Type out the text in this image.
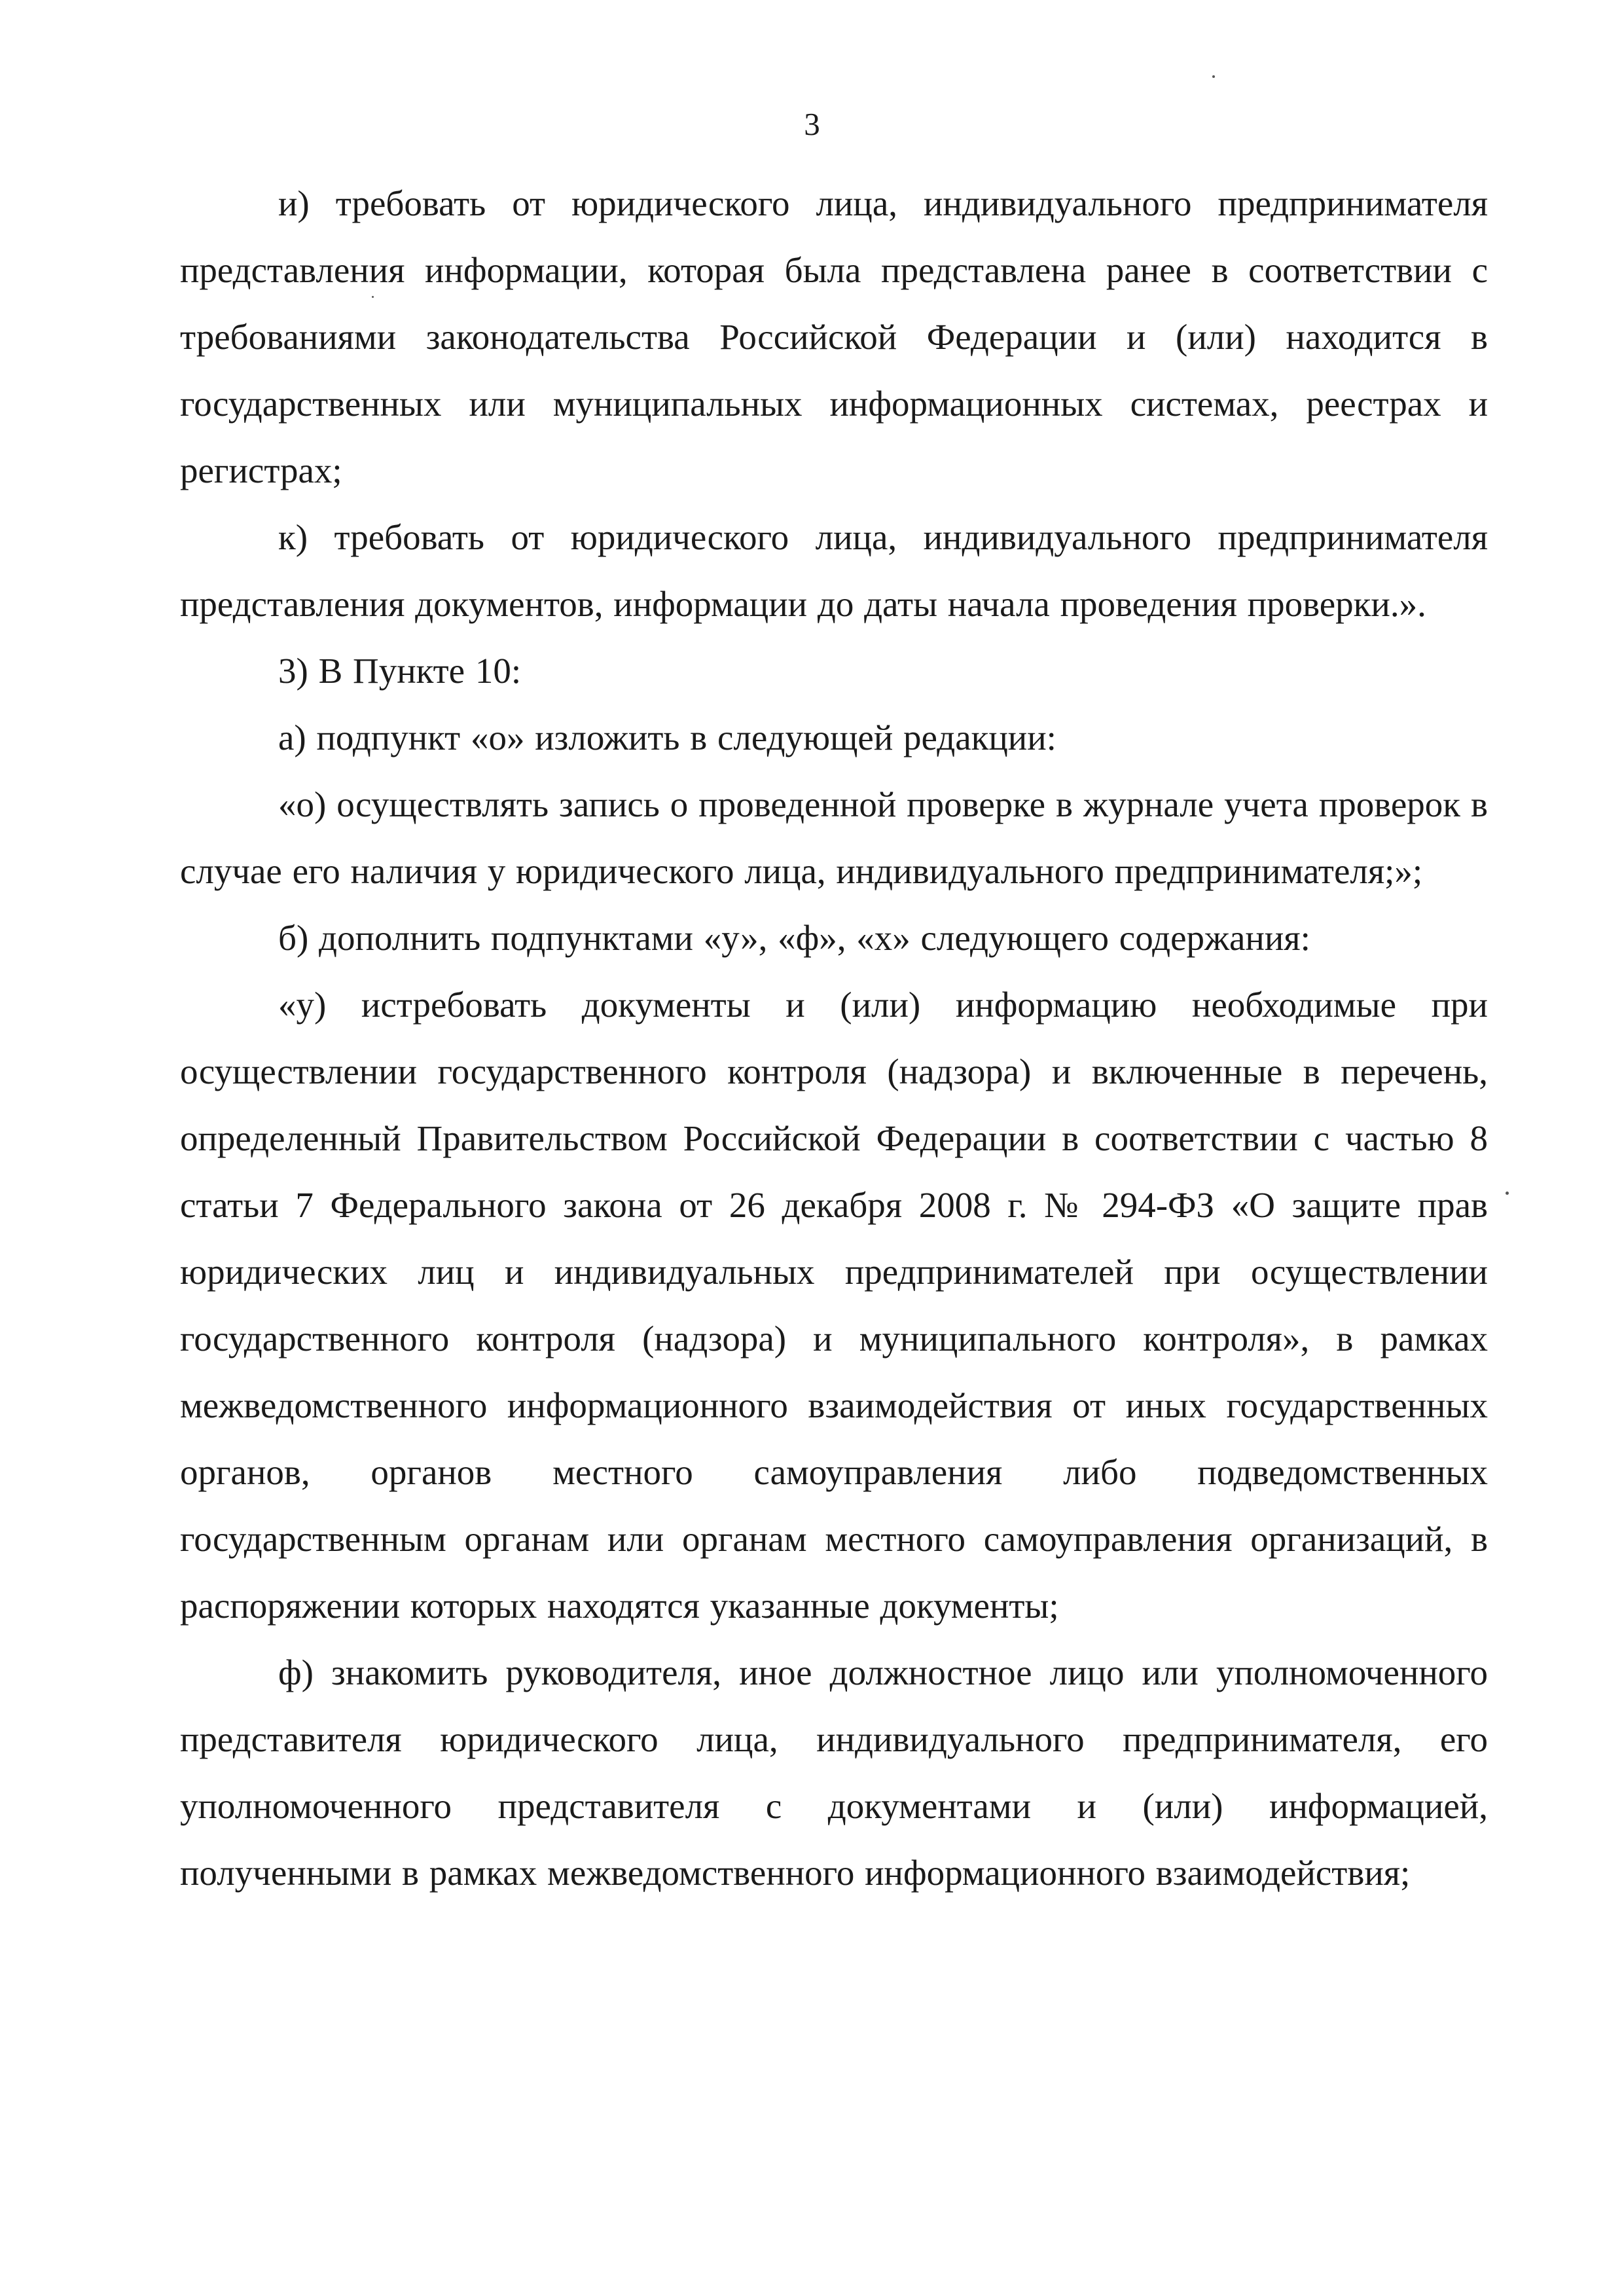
3

и) требовать от юридического лица, индивидуального предпринимателя представления информации, которая была представлена ранее в соответствии с требованиями законодательства Российской Федерации и (или) находится в государственных или муниципальных информационных системах, реестрах и регистрах;

к) требовать от юридического лица, индивидуального предпринимателя представления документов, информации до даты начала проведения проверки.».

3) В Пункте 10:

а) подпункт «о» изложить в следующей редакции:

«о) осуществлять запись о проведенной проверке в журнале учета проверок в случае его наличия у юридического лица, индивидуального предпринимателя;»;

б) дополнить подпунктами «у», «ф», «х» следующего содержания:

«у) истребовать документы и (или) информацию необходимые при осуществлении государственного контроля (надзора) и включенные в перечень, определенный Правительством Российской Федерации в соответствии с частью 8 статьи 7 Федерального закона от 26 декабря 2008 г. № 294-ФЗ «О защите прав юридических лиц и индивидуальных предпринимателей при осуществлении государственного контроля (надзора) и муниципального контроля», в рамках межведомственного информационного взаимодействия от иных государственных органов, органов местного самоуправления либо подведомственных государственным органам или органам местного самоуправления организаций, в распоряжении которых находятся указанные документы;

ф) знакомить руководителя, иное должностное лицо или уполномоченного представителя юридического лица, индивидуального предпринимателя, его уполномоченного представителя с документами и (или) информацией, полученными в рамках межведомственного информационного взаимодействия;
